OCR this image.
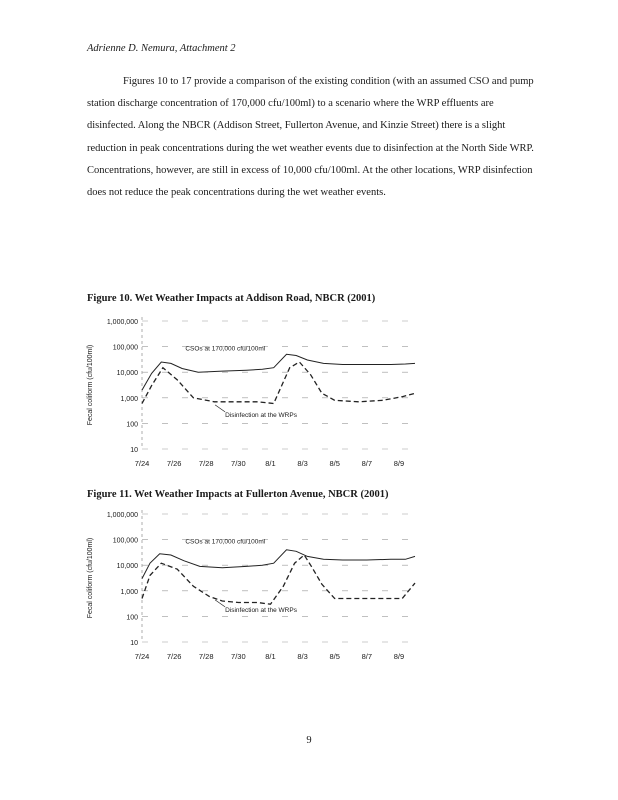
Adrienne D. Nemura, Attachment 2

Figures 10 to 17 provide a comparison of the existing condition (with an assumed CSO and pump station discharge concentration of 170,000 cfu/100ml) to a scenario where the WRP effluents are disinfected. Along the NBCR (Addison Street, Fullerton Avenue, and Kinzie Street) there is a slight reduction in peak concentrations during the wet weather events due to disinfection at the North Side WRP. Concentrations, however, are still in excess of 10,000 cfu/100ml. At the other locations, WRP disinfection does not reduce the peak concentrations during the wet weather events.

Figure 10. Wet Weather Impacts at Addison Road, NBCR (2001)
10
100
1,000
10,000
100,000
1,000,000
7/24 7/26 7/28 7/30	8/1	8/3	8/5	8/7	8/9
Fecal coliform (cfu/100ml)	CSOs at 170,000 cfu/100ml
Disinfection at the WRPs
Figure 11. Wet Weather Impacts at Fullerton Avenue, NBCR (2001)
10
100
1,000
10,000
100,000
1,000,000
7/24 7/26 7/28 7/30	8/1	8/3	8/5	8/7	8/9
Fecal coliform (cfu/100ml)	CSOs at 170,000 cfu/100ml
Disinfection at the WRPs
9
